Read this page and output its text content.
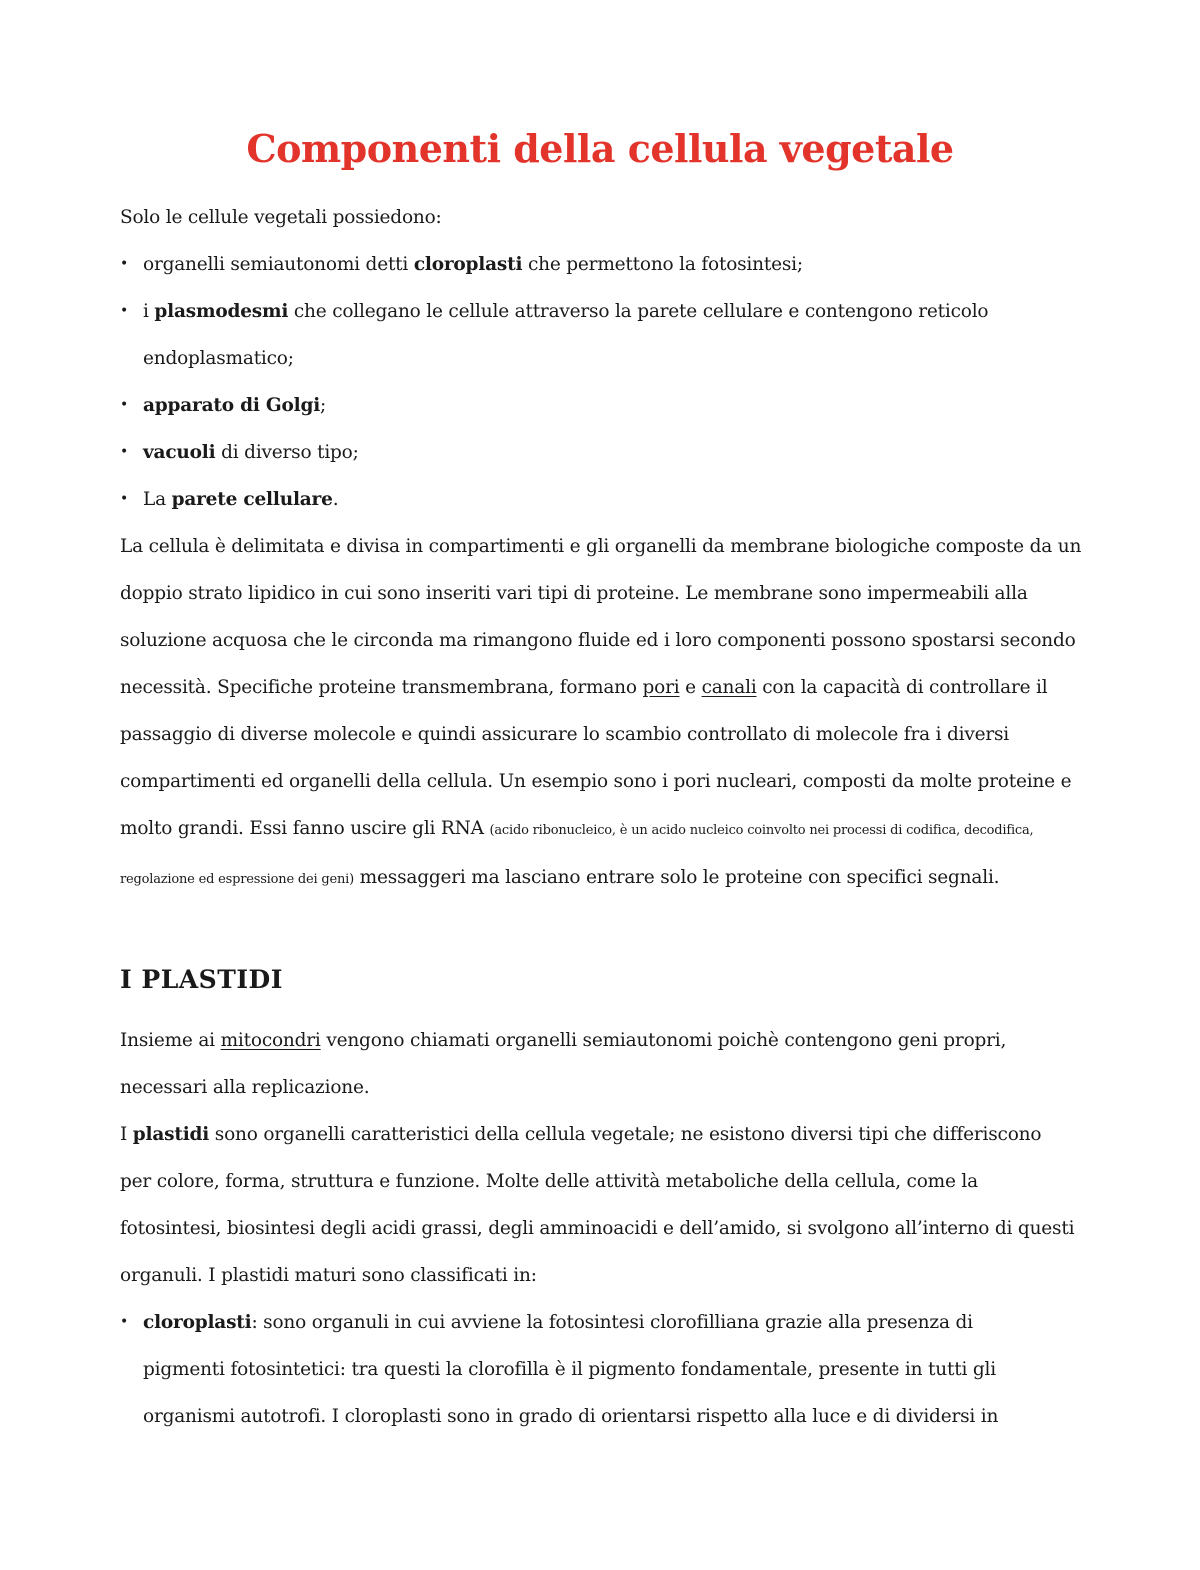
Componenti della cellula vegetale

Solo le cellule vegetali possiedono:

• organelli semiautonomi detti cloroplasti che permettono la fotosintesi;
• i plasmodesmi che collegano le cellule attraverso la parete cellulare e contengono reticolo endoplasmatico;
• apparato di Golgi;
• vacuoli di diverso tipo;
• La parete cellulare.

La cellula è delimitata e divisa in compartimenti e gli organelli da membrane biologiche composte da un doppio strato lipidico in cui sono inseriti vari tipi di proteine. Le membrane sono impermeabili alla soluzione acquosa che le circonda ma rimangono fluide ed i loro componenti possono spostarsi secondo necessità. Specifiche proteine transmembrana, formano pori e canali con la capacità di controllare il passaggio di diverse molecole e quindi assicurare lo scambio controllato di molecole fra i diversi compartimenti ed organelli della cellula. Un esempio sono i pori nucleari, composti da molte proteine e molto grandi. Essi fanno uscire gli RNA (acido ribonucleico, è un acido nucleico coinvolto nei processi di codifica, decodifica, regolazione ed espressione dei geni) messaggeri ma lasciano entrare solo le proteine con specifici segnali.

I PLASTIDI

Insieme ai mitocondri vengono chiamati organelli semiautonomi poichè contengono geni propri, necessari alla replicazione.

I plastidi sono organelli caratteristici della cellula vegetale; ne esistono diversi tipi che differiscono per colore, forma, struttura e funzione. Molte delle attività metaboliche della cellula, come la fotosintesi, biosintesi degli acidi grassi, degli amminoacidi e dell’amido, si svolgono all’interno di questi organuli. I plastidi maturi sono classificati in:

• cloroplasti: sono organuli in cui avviene la fotosintesi clorofilliana grazie alla presenza di pigmenti fotosintetici: tra questi la clorofilla è il pigmento fondamentale, presente in tutti gli organismi autotrofi. I cloroplasti sono in grado di orientarsi rispetto alla luce e di dividersi in
